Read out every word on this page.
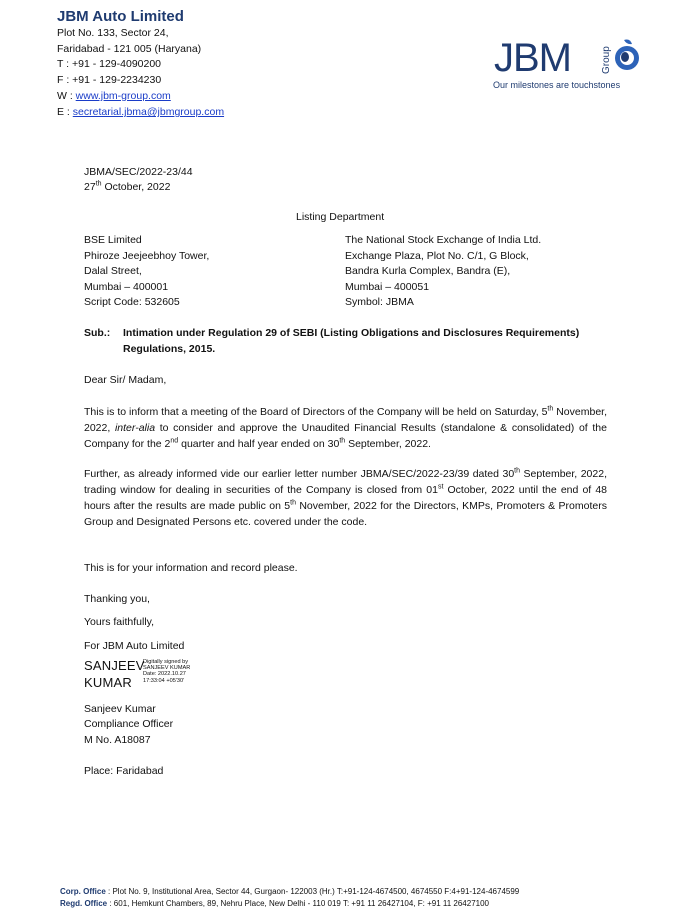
JBM Auto Limited
Plot No. 133, Sector 24,
Faridabad - 121 005 (Haryana)
T : +91 - 129-4090200
F : +91 - 129-2234230
W : www.jbm-group.com
E : secretarial.jbma@jbmgroup.com
JBM	Group
Our milestones are touchstones
JBMA/SEC/2022-23/44
27th October, 2022
Listing Department
BSE Limited
Phiroze Jeejeebhoy Tower,
Dalal Street,
Mumbai – 400001
Script Code: 532605
The National Stock Exchange of India Ltd.
Exchange Plaza, Plot No. C/1, G Block,
Bandra Kurla Complex, Bandra (E),
Mumbai – 400051
Symbol: JBMA
Sub.: Intimation under Regulation 29 of SEBI (Listing Obligations and Disclosures Requirements)
Regulations, 2015.
Dear Sir/ Madam,
This is to inform that a meeting of the Board of Directors of the Company will be held on Saturday, 5th November, 2022, inter-alia to consider and approve the Unaudited Financial Results (standalone & consolidated) of the Company for the 2nd quarter and half year ended on 30th September, 2022.
Further, as already informed vide our earlier letter number JBMA/SEC/2022-23/39 dated 30th September, 2022, trading window for dealing in securities of the Company is closed from 01st October, 2022 until the end of 48 hours after the results are made public on 5th November, 2022 for the Directors, KMPs, Promoters & Promoters Group and Designated Persons etc. covered under the code.
This is for your information and record please.
Thanking you,
Yours faithfully,
For JBM Auto Limited
SANJEEV
KUMAR
Digitally signed by
SANJEEV KUMAR
Date: 2022.10.27
17:33:04 +05'30'
Sanjeev Kumar
Compliance Officer
M No. A18087
Place: Faridabad
Corp. Office : Plot No. 9, Institutional Area, Sector 44, Gurgaon- 122003 (Hr.) T:+91-124-4674500, 4674550 F:4+91-124-4674599
Regd. Office : 601, Hemkunt Chambers, 89, Nehru Place, New Delhi - 110 019 T: +91 11 26427104, F: +91 11 26427100
